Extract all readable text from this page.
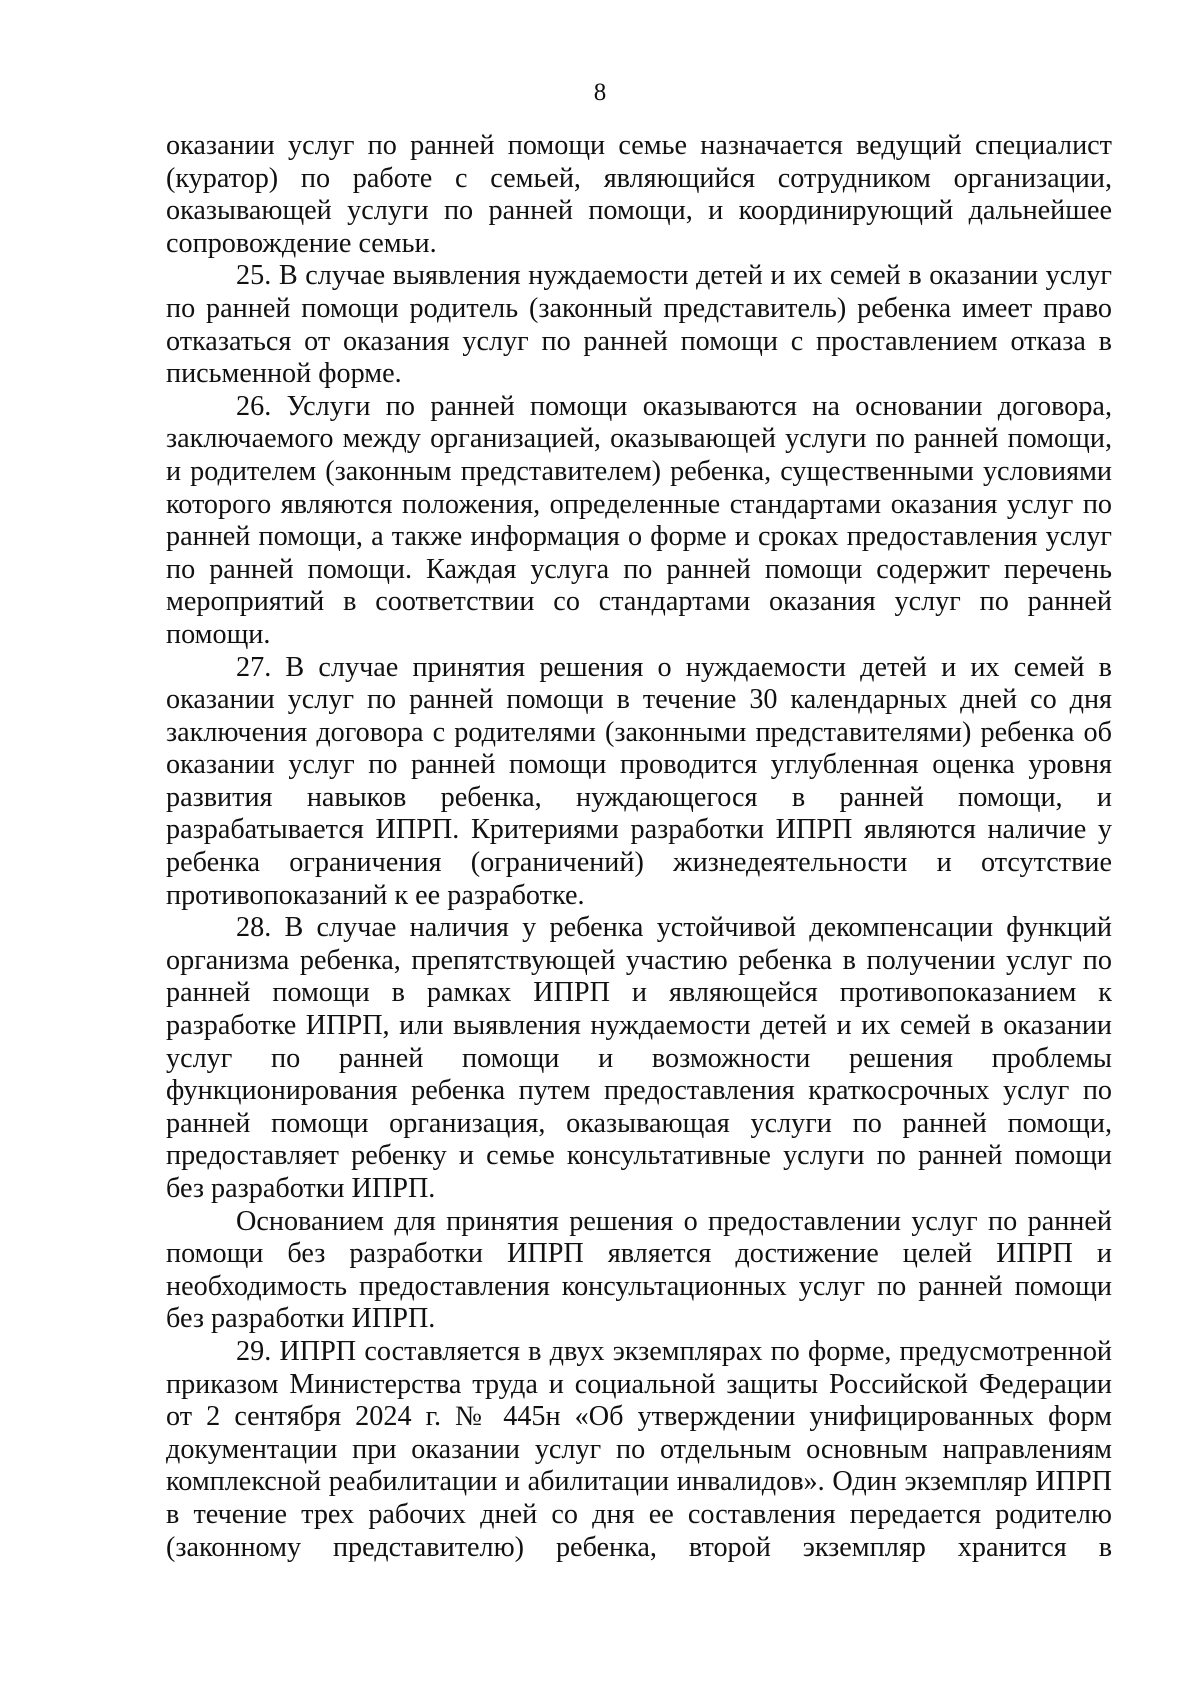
8

оказании услуг по ранней помощи семье назначается ведущий специалист (куратор) по работе с семьей, являющийся сотрудником организации, оказывающей услуги по ранней помощи, и координирующий дальнейшее сопровождение семьи.

25. В случае выявления нуждаемости детей и их семей в оказании услуг по ранней помощи родитель (законный представитель) ребенка имеет право отказаться от оказания услуг по ранней помощи с проставлением отказа в письменной форме.

26. Услуги по ранней помощи оказываются на основании договора, заключаемого между организацией, оказывающей услуги по ранней помощи, и родителем (законным представителем) ребенка, существенными условиями которого являются положения, определенные стандартами оказания услуг по ранней помощи, а также информация о форме и сроках предоставления услуг по ранней помощи. Каждая услуга по ранней помощи содержит перечень мероприятий в соответствии со стандартами оказания услуг по ранней помощи.

27. В случае принятия решения о нуждаемости детей и их семей в оказании услуг по ранней помощи в течение 30 календарных дней со дня заключения договора с родителями (законными представителями) ребенка об оказании услуг по ранней помощи проводится углубленная оценка уровня развития навыков ребенка, нуждающегося в ранней помощи, и разрабатывается ИПРП. Критериями разработки ИПРП являются наличие у ребенка ограничения (ограничений) жизнедеятельности и отсутствие противопоказаний к ее разработке.

28. В случае наличия у ребенка устойчивой декомпенсации функций организма ребенка, препятствующей участию ребенка в получении услуг по ранней помощи в рамках ИПРП и являющейся противопоказанием к разработке ИПРП, или выявления нуждаемости детей и их семей в оказании услуг по ранней помощи и возможности решения проблемы функционирования ребенка путем предоставления краткосрочных услуг по ранней помощи организация, оказывающая услуги по ранней помощи, предоставляет ребенку и семье консультативные услуги по ранней помощи без разработки ИПРП.

Основанием для принятия решения о предоставлении услуг по ранней помощи без разработки ИПРП является достижение целей ИПРП и необходимость предоставления консультационных услуг по ранней помощи без разработки ИПРП.

29. ИПРП составляется в двух экземплярах по форме, предусмотренной приказом Министерства труда и социальной защиты Российской Федерации от 2 сентября 2024 г. № 445н «Об утверждении унифицированных форм документации при оказании услуг по отдельным основным направлениям комплексной реабилитации и абилитации инвалидов». Один экземпляр ИПРП в течение трех рабочих дней со дня ее составления передается родителю (законному представителю) ребенка, второй экземпляр хранится в
